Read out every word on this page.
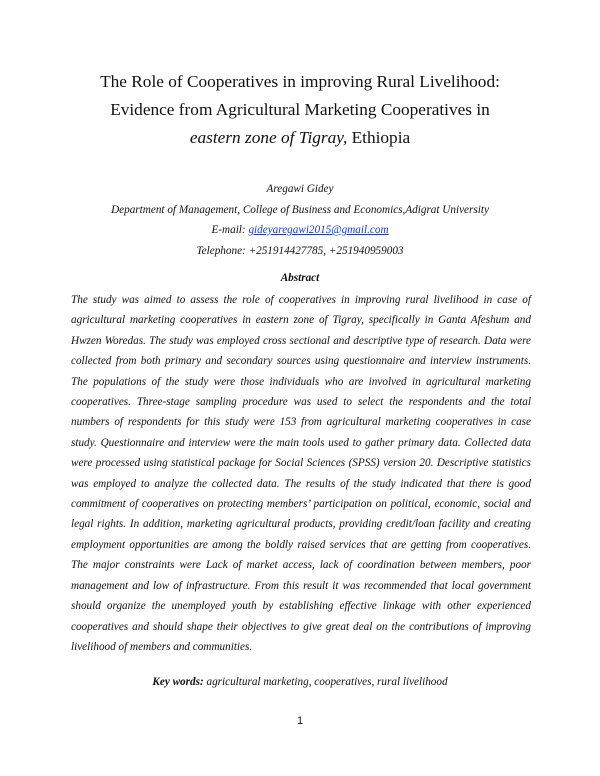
The Role of Cooperatives in improving Rural Livelihood:
Evidence from Agricultural Marketing Cooperatives in
eastern zone of Tigray, Ethiopia
Aregawi Gidey
Department of Management, College of Business and Economics,Adigrat University
E-mail: gideyaregawi2015@gmail.com
Telephone: +251914427785, +251940959003
Abstract
The study was aimed to assess the role of cooperatives in improving rural livelihood in case of agricultural marketing cooperatives in eastern zone of Tigray, specifically in Ganta Afeshum and Hwzen Woredas. The study was employed cross sectional and descriptive type of research. Data were collected from both primary and secondary sources using questionnaire and interview instruments. The populations of the study were those individuals who are involved in agricultural marketing cooperatives. Three-stage sampling procedure was used to select the respondents and the total numbers of respondents for this study were 153 from agricultural marketing cooperatives in case study. Questionnaire and interview were the main tools used to gather primary data. Collected data were processed using statistical package for Social Sciences (SPSS) version 20. Descriptive statistics was employed to analyze the collected data. The results of the study indicated that there is good commitment of cooperatives on protecting members’ participation on political, economic, social and legal rights. In addition, marketing agricultural products, providing credit/loan facility and creating employment opportunities are among the boldly raised services that are getting from cooperatives. The major constraints were Lack of market access, lack of coordination between members, poor management and low of infrastructure. From this result it was recommended that local government should organize the unemployed youth by establishing effective linkage with other experienced cooperatives and should shape their objectives to give great deal on the contributions of improving livelihood of members and communities.
Key words: agricultural marketing, cooperatives, rural livelihood
1
